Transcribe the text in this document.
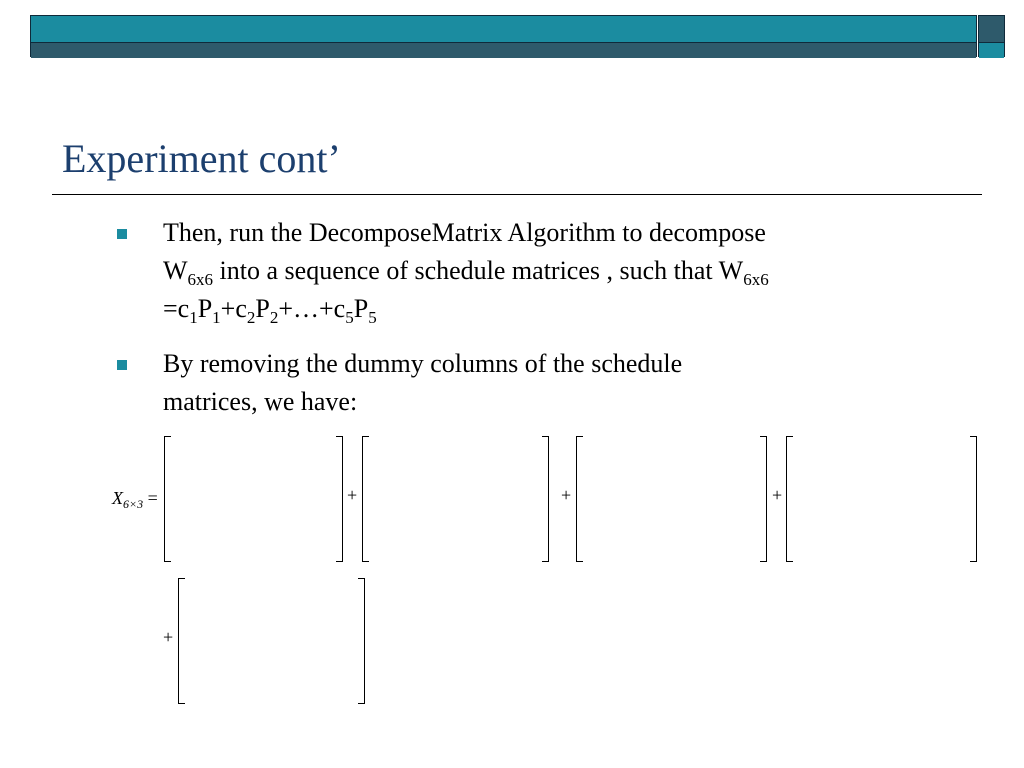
Experiment cont’
Then, run the DecomposeMatrix Algorithm to decompose
$W_{6x6}$ into a sequence of schedule matrices , such that $W_{6x6}$
$=c_1P_1+c_2P_2+\dots+c_5P_5$
By removing the dummy columns of the schedule
matrices, we have:
$X_{6\times 3}$ =	+	+	+
+
